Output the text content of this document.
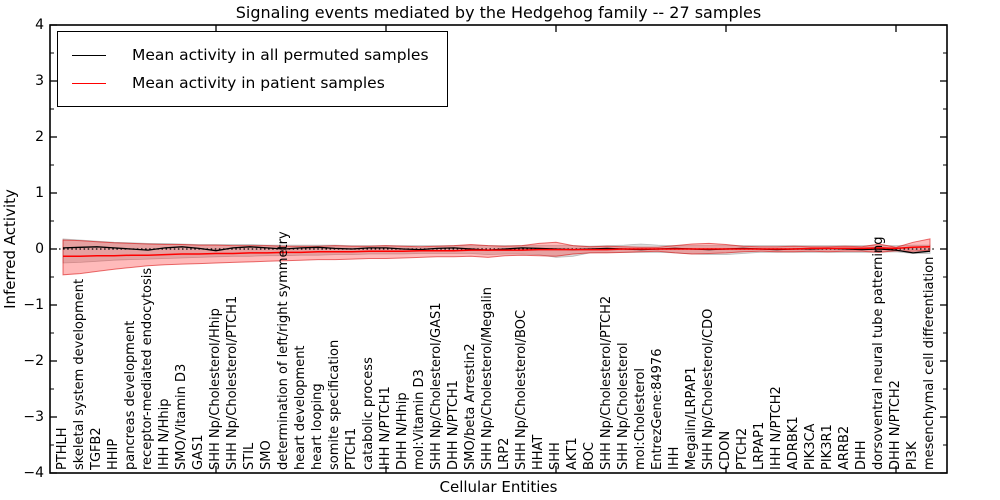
Signaling events mediated by the Hedgehog family -- 27 samples
Mean activity in all permuted samples
Mean activity in patient samples
Inferred Activity
Cellular Entities
4
3
2
1
0
−1
−2
−3
−4
PTHLH skeletal system development TGFB2 HHIP pancreas development receptor-mediated endocytosis IHH N/Hhip SMO/Vitamin D3 GAS1 SHH Np/Cholesterol/Hhip SHH Np/Cholesterol/PTCH1 STIL SMO determination of left/right symmetry heart development heart looping somite specification PTCH1 catabolic process IHH N/PTCH1 DHH N/Hhip mol:Vitamin D3 SHH Np/Cholesterol/GAS1 DHH N/PTCH1 SMO/beta Arrestin2 SHH Np/Cholesterol/Megalin LRP2 SHH Np/Cholesterol/BOC HHAT SHH AKT1 BOC SHH Np/Cholesterol/PTCH2 SHH Np/Cholesterol mol:Cholesterol EntrezGene:84976 IHH Megalin/LRPAP1 SHH Np/Cholesterol/CDO CDON PTCH2 LRPAP1 IHH N/PTCH2 ADRBK1 PIK3CA PIK3R1 ARRB2 DHH dorsoventral neural tube patterning DHH N/PTCH2 PI3K mesenchymal cell differentiation
